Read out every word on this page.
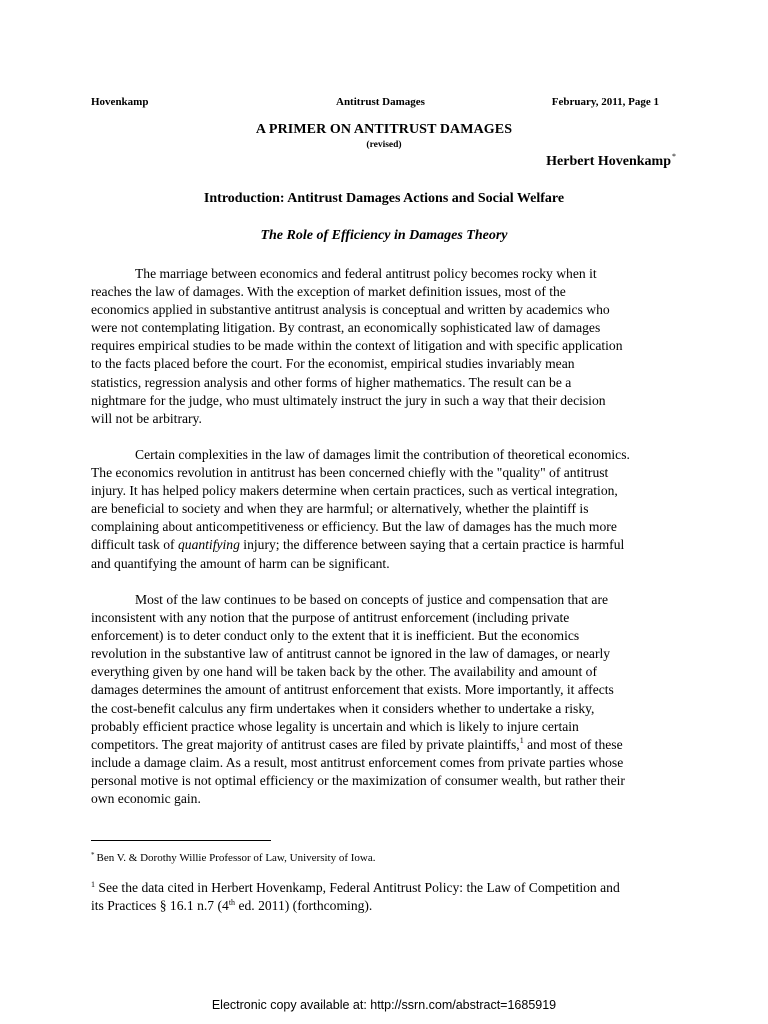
Hovenkamp	Antitrust Damages	February, 2011, Page 1
A PRIMER ON ANTITRUST DAMAGES
(revised)
Herbert Hovenkamp*
Introduction: Antitrust Damages Actions and Social Welfare
The Role of Efficiency in Damages Theory
The marriage between economics and federal antitrust policy becomes rocky when it
reaches the law of damages. With the exception of market definition issues, most of the
economics applied in substantive antitrust analysis is conceptual and written by academics who
were not contemplating litigation. By contrast, an economically sophisticated law of damages
requires empirical studies to be made within the context of litigation and with specific application
to the facts placed before the court. For the economist, empirical studies invariably mean
statistics, regression analysis and other forms of higher mathematics. The result can be a
nightmare for the judge, who must ultimately instruct the jury in such a way that their decision
will not be arbitrary.
Certain complexities in the law of damages limit the contribution of theoretical economics.
The economics revolution in antitrust has been concerned chiefly with the "quality" of antitrust
injury. It has helped policy makers determine when certain practices, such as vertical integration,
are beneficial to society and when they are harmful; or alternatively, whether the plaintiff is
complaining about anticompetitiveness or efficiency. But the law of damages has the much more
difficult task of quantifying injury; the difference between saying that a certain practice is harmful
and quantifying the amount of harm can be significant.
Most of the law continues to be based on concepts of justice and compensation that are
inconsistent with any notion that the purpose of antitrust enforcement (including private
enforcement) is to deter conduct only to the extent that it is inefficient. But the economics
revolution in the substantive law of antitrust cannot be ignored in the law of damages, or nearly
everything given by one hand will be taken back by the other. The availability and amount of
damages determines the amount of antitrust enforcement that exists. More importantly, it affects
the cost-benefit calculus any firm undertakes when it considers whether to undertake a risky,
probably efficient practice whose legality is uncertain and which is likely to injure certain
competitors. The great majority of antitrust cases are filed by private plaintiffs,$^1$ and most of these
include a damage claim. As a result, most antitrust enforcement comes from private parties whose
personal motive is not optimal efficiency or the maximization of consumer wealth, but rather their
own economic gain.
* Ben V. & Dorothy Willie Professor of Law, University of Iowa.
$^1$ See the data cited in Herbert Hovenkamp, Federal Antitrust Policy: the Law of Competition and
its Practices § 16.1 n.7 (4th ed. 2011) (forthcoming).
Electronic copy available at: http://ssrn.com/abstract=1685919
